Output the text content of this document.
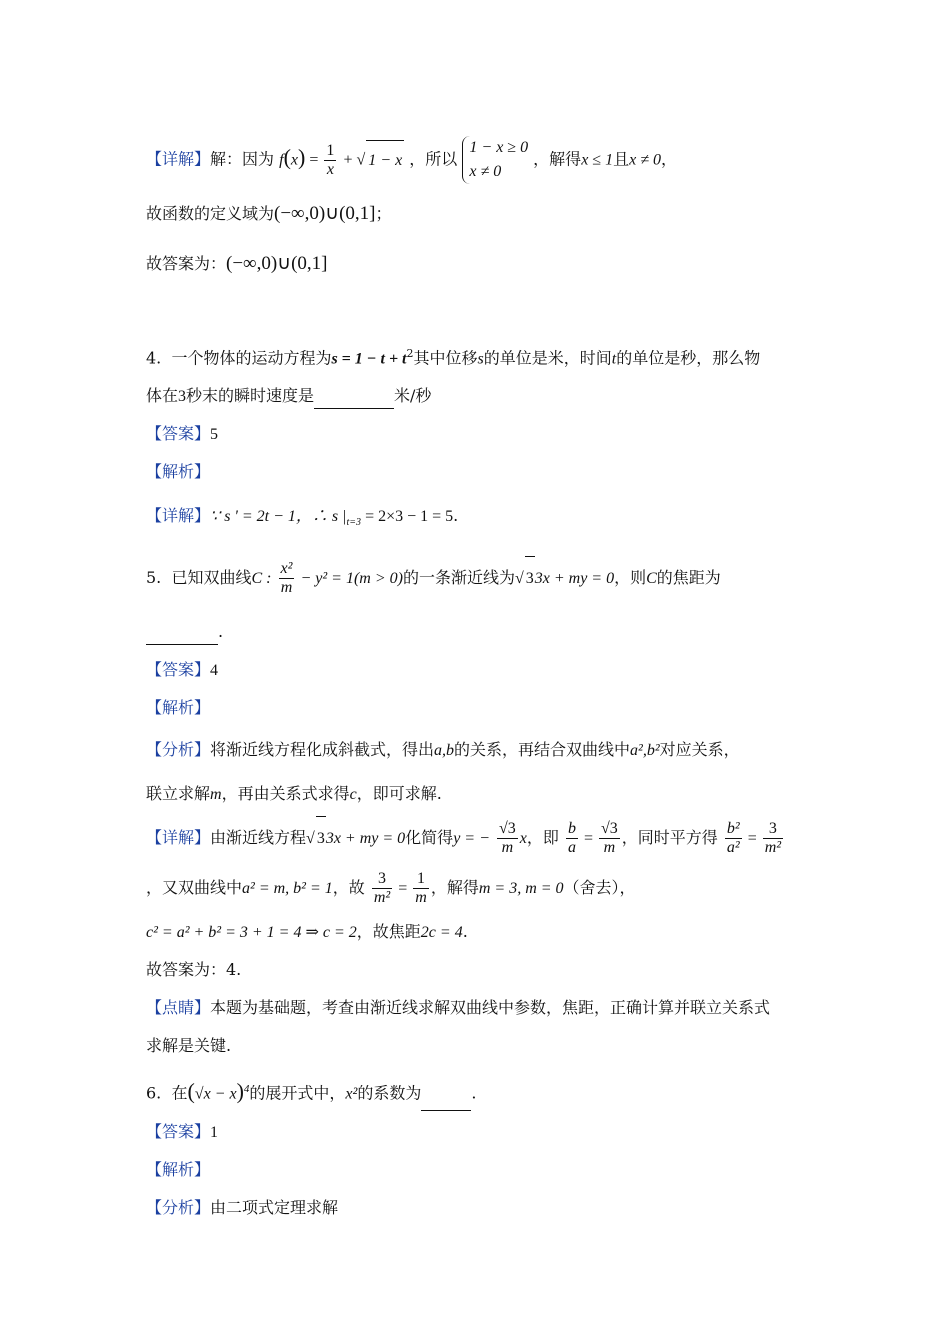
【详解】解：因为 $f(x) = \frac{1}{x}$ + √ 1 − x ，所以
1 − x ≥ 0
x ≠ 0
，解得x ≤ 1且x ≠ 0，
故函数的定义域为(−∞,0)∪(0,1]；
故答案为：(−∞,0)∪(0,1]
4. 一个物体的运动方程为$s = 1 - t + t^2$其中位移s的单位是米，时间t的单位是秒，那么物
体在3秒末的瞬时速度是	米/秒
【答案】5
【解析】
【详解】∵ s ' = 2t − 1，∴ s $|_{t=3} = 2\times 3 - 1 = 5$.
5. 已知双曲线C : $\frac{\text{x²}}{m} - y^2 = 1(m > 0)$的一条渐近线为√ 33x + my = 0，则C的焦距为
.
【答案】4
【解析】
【分析】将渐近线方程化成斜截式，得出a,b的关系，再结合双曲线中a²,b²对应关系，
联立求解m，再由关系式求得c，即可求解.
【详解】由渐近线方程√ 33x + my = 0化简得y = − $\frac{√3}{m}$ x，即 $\frac{b}{a} = \frac{√3}{m}$ ，同时平方得 $\frac{\text{b²}}{\text{a²}} = \frac{3}{\text{m²}}$
，又双曲线中a² = m, b² = 1，故 $\frac{3}{\text{m²}} = \frac{1}{m}$ ，解得m = 3, m = 0（舍去），
c² = a² + b² = 3 + 1 = 4 ⇒ c = 2，故焦距2c = 4.
故答案为：4.
【点睛】本题为基础题，考查由渐近线求解双曲线中参数，焦距，正确计算并联立关系式
求解是关键.
6. 在$(√x - x)^4$的展开式中，x²的系数为	.
【答案】1
【解析】
【分析】由二项式定理求解
